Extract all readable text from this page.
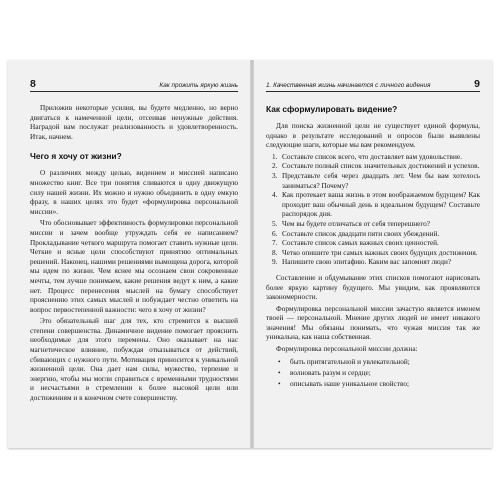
8	Как прожить яркую жизнь

Приложив некоторые усилия, вы будете медленно, но верно двигаться к намеченной цели, отсеивая ненужные действия. Наградой вам послужат реализованность и удовлетворенность. Итак, начнем.

Чего я хочу от жизни?

О различиях между целью, видением и миссией написано множество книг. Все три понятия сливаются в одну движущую силу нашей жизни. Их можно и нужно объединить в одну емкую фразу, в наших целях это будет «формулировка персональной миссии».

Что обосновывает эффективность формулировки персональной миссии и зачем вообще утруждать себя ее написанием? Прокладывание четкого маршрута помогает ставить нужные цели. Четкие и ясные цели способствуют принятию оптимальных решений. Наконец, нашими решениями вымощена дорога, которой мы идем по жизни. Чем яснее мы осознаем свои сокровенные мечты, тем лучше понимаем, какие решения ведут к ним, а какие нет. Процесс перенесения мыслей на бумагу способствует прояснению этих самых мыслей и побуждает честно ответить на вопрос первостепенной важности: чего я хочу от жизни?

Это обязательный шаг для тех, кто стремится к высшей степени совершенства. Динамичное видение помогает прояснить необходимые для этого перемены. Оно оказывает на нас магнетическое влияние, побуждая отказываться от действий, сбивающих с нужного пути. Мотивация приносится к уникальной жизненной цели. Она дает нам силы, мужество, терпение и энергию, чтобы мы могли справиться с временными трудностями и несчастьями в стремлении к более высокой цели или достижениям и в конечном счете совершенству.

1. Качественная жизнь начинается с личного видения	9
Как сформулировать видение?

Для поиска жизненной цели не существует единой формулы, однако в результате исследований и опросов были выявлены следующие шаги, которые мы вам рекомендуем.

1. Составьте список всего, что доставляет вам удовольствие.
2. Составьте полный список значительных достижений и успехов.
3. Представьте себя через двадцать лет. Чем бы вам хотелось заниматься? Почему?
4. Как протекает ваша жизнь в этом воображаемом будущем? Как проходит ваш обычный день в идеальном будущем? Составьте распорядок дня.
5. Чем вы будете отличаться от себя теперешнего?
6. Составьте список двадцати пяти своих убеждений.
7. Составьте список самых важных своих ценностей.
8. Четко опишите три самых важных своих будущих достижения.
9. Напишите свою эпитафию. Каким вас запомнят люди?

Составление и обдумывание этих списков помогают нарисовать более яркую картину будущего. Мы увидим, как проявляются закономерности.

Формулировка персональной миссии зачастую является именем твоей — персональной. Мнение других людей не имеет никакого значения! Мы обязаны понимать, что чужая миссия так же уникальна, как наша собственная.

Формулировка персональной миссии должна:

•	быть притягательной и увлекательной;
•	волновать разум и сердце;
•	описывать наше уникальное свойство;
